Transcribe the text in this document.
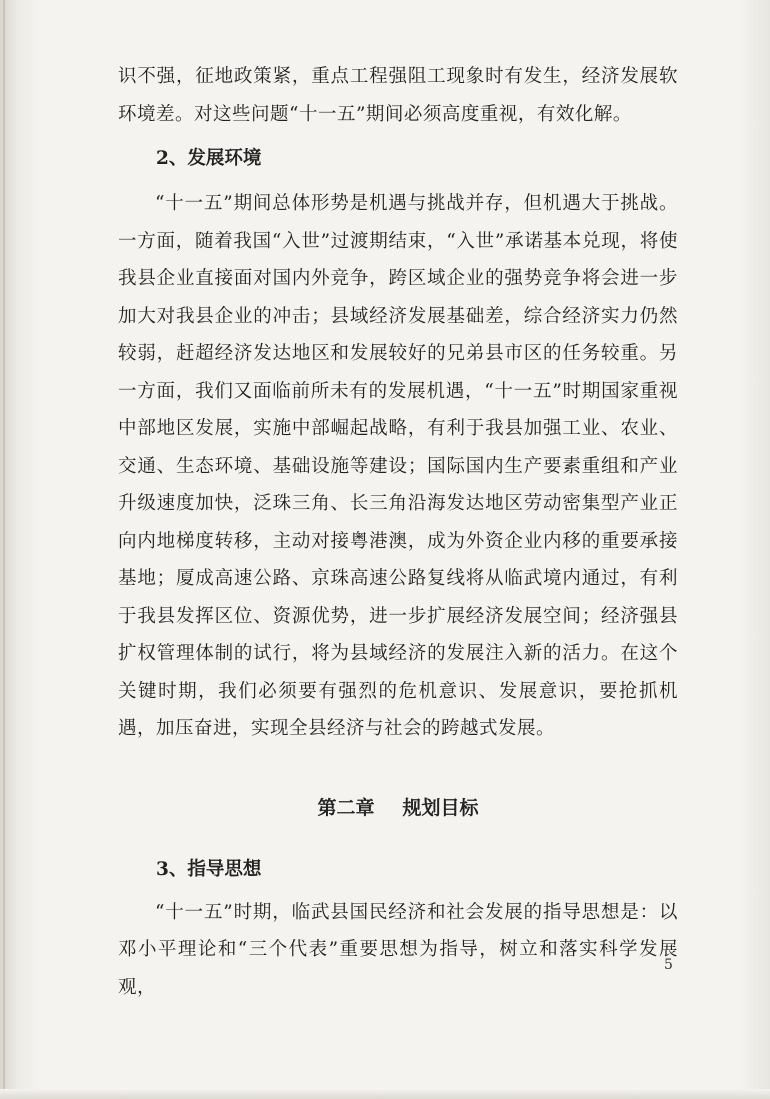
识不强，征地政策紧，重点工程强阻工现象时有发生，经济发展软环境差。对这些问题“十一五”期间必须高度重视，有效化解。

2、发展环境

“十一五”期间总体形势是机遇与挑战并存，但机遇大于挑战。一方面，随着我国“入世”过渡期结束，“入世”承诺基本兑现，将使我县企业直接面对国内外竞争，跨区域企业的强势竞争将会进一步加大对我县企业的冲击；县域经济发展基础差，综合经济实力仍然较弱，赶超经济发达地区和发展较好的兄弟县市区的任务较重。另一方面，我们又面临前所未有的发展机遇，“十一五”时期国家重视中部地区发展，实施中部崛起战略，有利于我县加强工业、农业、交通、生态环境、基础设施等建设；国际国内生产要素重组和产业升级速度加快，泛珠三角、长三角沿海发达地区劳动密集型产业正向内地梯度转移，主动对接粤港澳，成为外资企业内移的重要承接基地；厦成高速公路、京珠高速公路复线将从临武境内通过，有利于我县发挥区位、资源优势，进一步扩展经济发展空间；经济强县扩权管理体制的试行，将为县域经济的发展注入新的活力。在这个关键时期，我们必须要有强烈的危机意识、发展意识，要抢抓机遇，加压奋进，实现全县经济与社会的跨越式发展。

第二章 规划目标
3、指导思想

“十一五”时期，临武县国民经济和社会发展的指导思想是：以邓小平理论和“三个代表”重要思想为指导，树立和落实科学发展观，

5
